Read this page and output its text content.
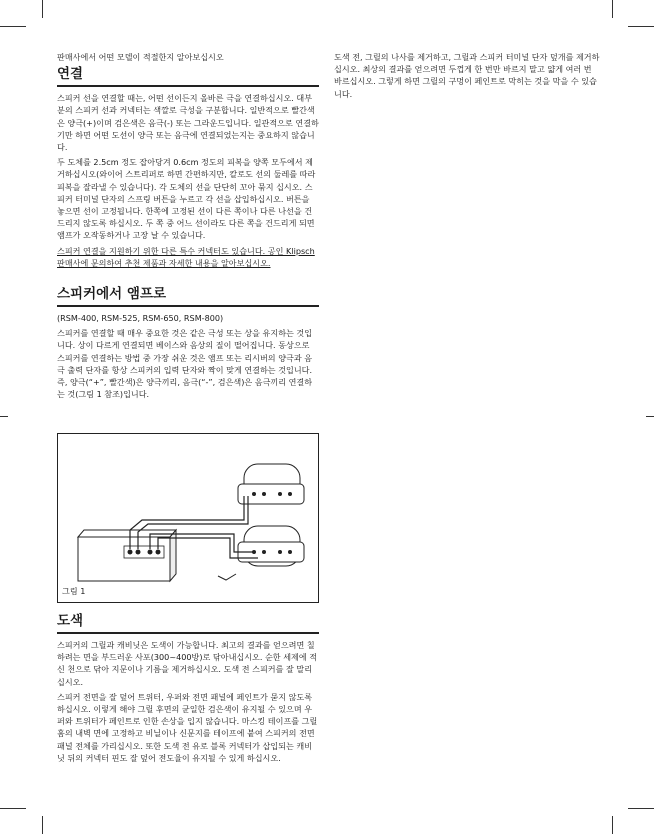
판매사에서 어떤 모델이 적절한지 알아보십시오

연결

스피커 선을 연결할 때는, 어떤 선이든지 올바른 극을 연결하십시오. 대부분의 스피커 선과 커넥터는 색깔로 극성을 구분합니다. 일반적으로 빨간색은 양극(+)이며 검은색은 음극(-) 또는 그라운드입니다. 일관적으로 연결하기만 하면 어떤 도선이 양극 또는 음극에 연결되었는지는 중요하지 않습니다.

두 도체를 2.5cm 정도 잡아당겨 0.6cm 정도의 피복을 양쪽 모두에서 제거하십시오(와이어 스트리퍼로 하면 간편하지만, 칼로도 선의 둘레를 따라 피복을 잘라낼 수 있습니다). 각 도체의 선을 단단히 꼬아 묶지 십시오. 스피커 터미널 단자의 스프링 버튼을 누르고 각 선을 삽입하십시오. 버튼을 놓으면 선이 고정됩니다. 한쪽에 고정된 선이 다른 쪽이나 다른 나선을 건드리지 않도록 하십시오. 두 쪽 중 어느 선이라도 다른 쪽을 건드리게 되면 앰프가 오작동하거나 고장 날 수 있습니다.

스피커 연결을 지원하기 위한 다른 특수 커넥터도 있습니다. 공인 Klipsch 판매사에 문의하여 추천 제품과 자세한 내용을 알아보십시오.

스피커에서 앰프로

(RSM-400, RSM-525, RSM-650, RSM-800)

스피커를 연결할 때 매우 중요한 것은 같은 극성 또는 상을 유지하는 것입니다. 상이 다르게 연결되면 베이스와 음상의 질이 떨어집니다. 동상으로 스피커를 연결하는 방법 중 가장 쉬운 것은 앰프 또는 리시버의 양극과 음극 출력 단자를 항상 스피커의 입력 단자와 짝이 맞게 연결하는 것입니다. 즉, 양극(“+”, 빨간색)은 양극끼리, 음극(“-”, 검은색)은 음극끼리 연결하는 것(그림 1 참조)입니다.

그림 1
도색

스피커의 그릴과 캐비닛은 도색이 가능합니다. 최고의 결과를 얻으려면 칠하려는 면을 부드러운 사포(300~400방)로 닦아내십시오. 순한 세제에 적신 천으로 닦아 지문이나 기름을 제거하십시오. 도색 전 스피커를 잘 말리십시오.

스피커 전면을 잘 덮어 트위터, 우퍼와 전면 패널에 페인트가 묻지 않도록 하십시오. 이렇게 해야 그릴 후면의 균일한 검은색이 유지될 수 있으며 우퍼와 트위터가 페인트로 인한 손상을 입지 않습니다. 마스킹 테이프를 그릴 홈의 내벽 면에 고정하고 비닐이나 신문지를 테이프에 붙여 스피커의 전면 패널 전체를 가리십시오. 또한 도색 전 유로 블록 커넥터가 삽입되는 캐비닛 뒤의 커넥터 핀도 잘 덮어 전도율이 유지될 수 있게 하십시오.

도색 전, 그릴의 나사를 제거하고, 그릴과 스피커 터미널 단자 덮개를 제거하십시오. 최상의 결과를 얻으려면 두껍게 한 번만 바르지 말고 얇게 여러 번 바르십시오. 그렇게 하면 그릴의 구멍이 페인트로 막히는 것을 막을 수 있습니다.
